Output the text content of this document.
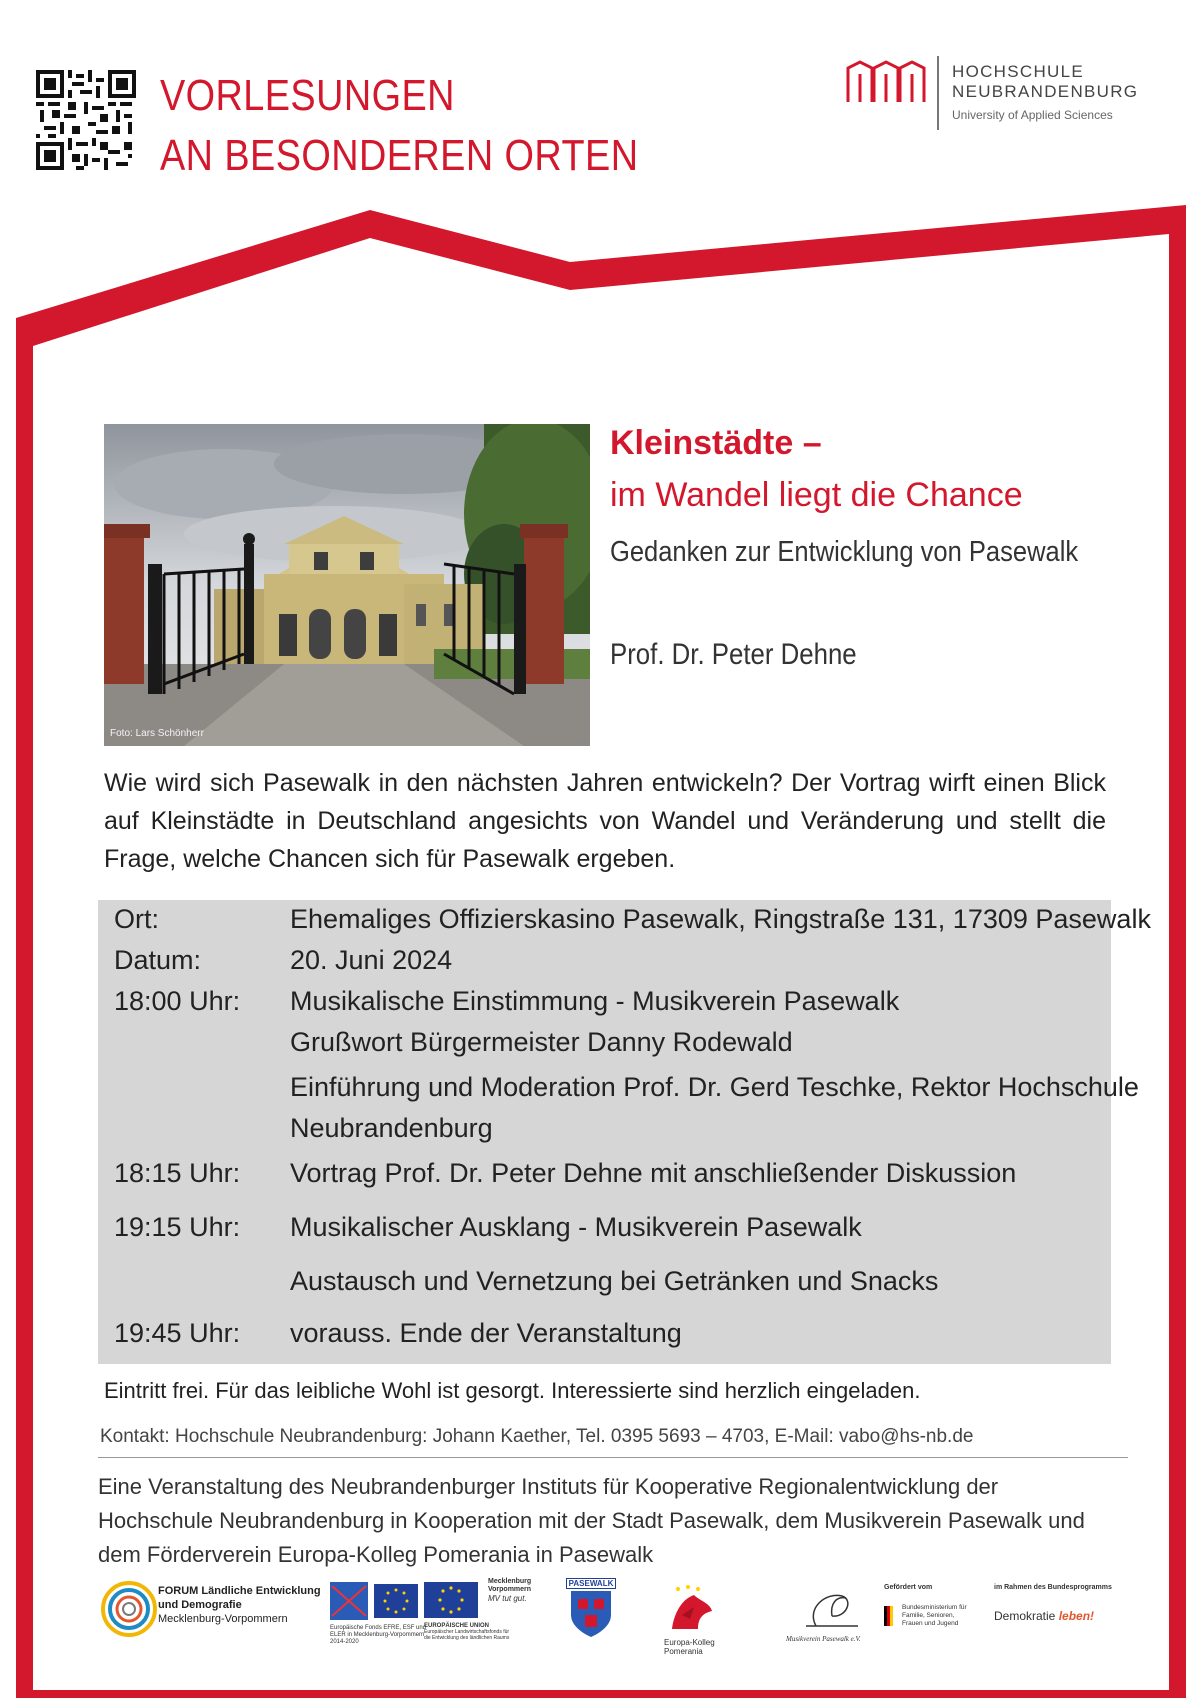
VORLESUNGEN
AN BESONDEREN ORTEN
HOCHSCHULE
NEUBRANDENBURG
University of Applied Sciences
Foto: Lars Schönherr
Kleinstädte –
im Wandel liegt die Chance
Gedanken zur Entwicklung von Pasewalk
Prof. Dr. Peter Dehne
Wie wird sich Pasewalk in den nächsten Jahren entwickeln? Der Vortrag wirft einen Blick auf Kleinstädte in Deutschland angesichts von Wandel und Veränderung und stellt die Frage, welche Chancen sich für Pasewalk ergeben.
Ort:	Ehemaliges Offizierskasino Pasewalk, Ringstraße 131, 17309 Pasewalk
Datum:	20. Juni 2024
18:00 Uhr: Musikalische Einstimmung - Musikverein Pasewalk
Grußwort Bürgermeister Danny Rodewald
Einführung und Moderation Prof. Dr. Gerd Teschke, Rektor Hochschule
Neubrandenburg
18:15 Uhr: Vortrag Prof. Dr. Peter Dehne mit anschließender Diskussion
19:15 Uhr: Musikalischer Ausklang - Musikverein Pasewalk
Austausch und Vernetzung bei Getränken und Snacks
19:45 Uhr: vorauss. Ende der Veranstaltung
Eintritt frei. Für das leibliche Wohl ist gesorgt. Interessierte sind herzlich eingeladen.
Kontakt: Hochschule Neubrandenburg: Johann Kaether, Tel. 0395 5693 – 4703, E-Mail: vabo@hs-nb.de
Eine Veranstaltung des Neubrandenburger Instituts für Kooperative Regionalentwicklung der Hochschule Neubrandenburg in Kooperation mit der Stadt Pasewalk, dem Musikverein Pasewalk und dem Förderverein Europa-Kolleg Pomerania in Pasewalk
FORUM Ländliche Entwicklung
und Demografie
Mecklenburg-Vorpommern
Europäische Fonds EFRE, ESF und ELER in Mecklenburg-Vorpommern 2014-2020
EUROPÄISCHE UNION
Europäischer Landwirtschaftsfonds für die Entwicklung des ländlichen Raums
Mecklenburg Vorpommern
MV tut gut.
PASEWALK
Europa-Kolleg Pomerania
Musikverein Pasewalk e.V.
Gefördert vom
Bundesministerium für Familie, Senioren, Frauen und Jugend
im Rahmen des Bundesprogramms
Demokratie leben!
